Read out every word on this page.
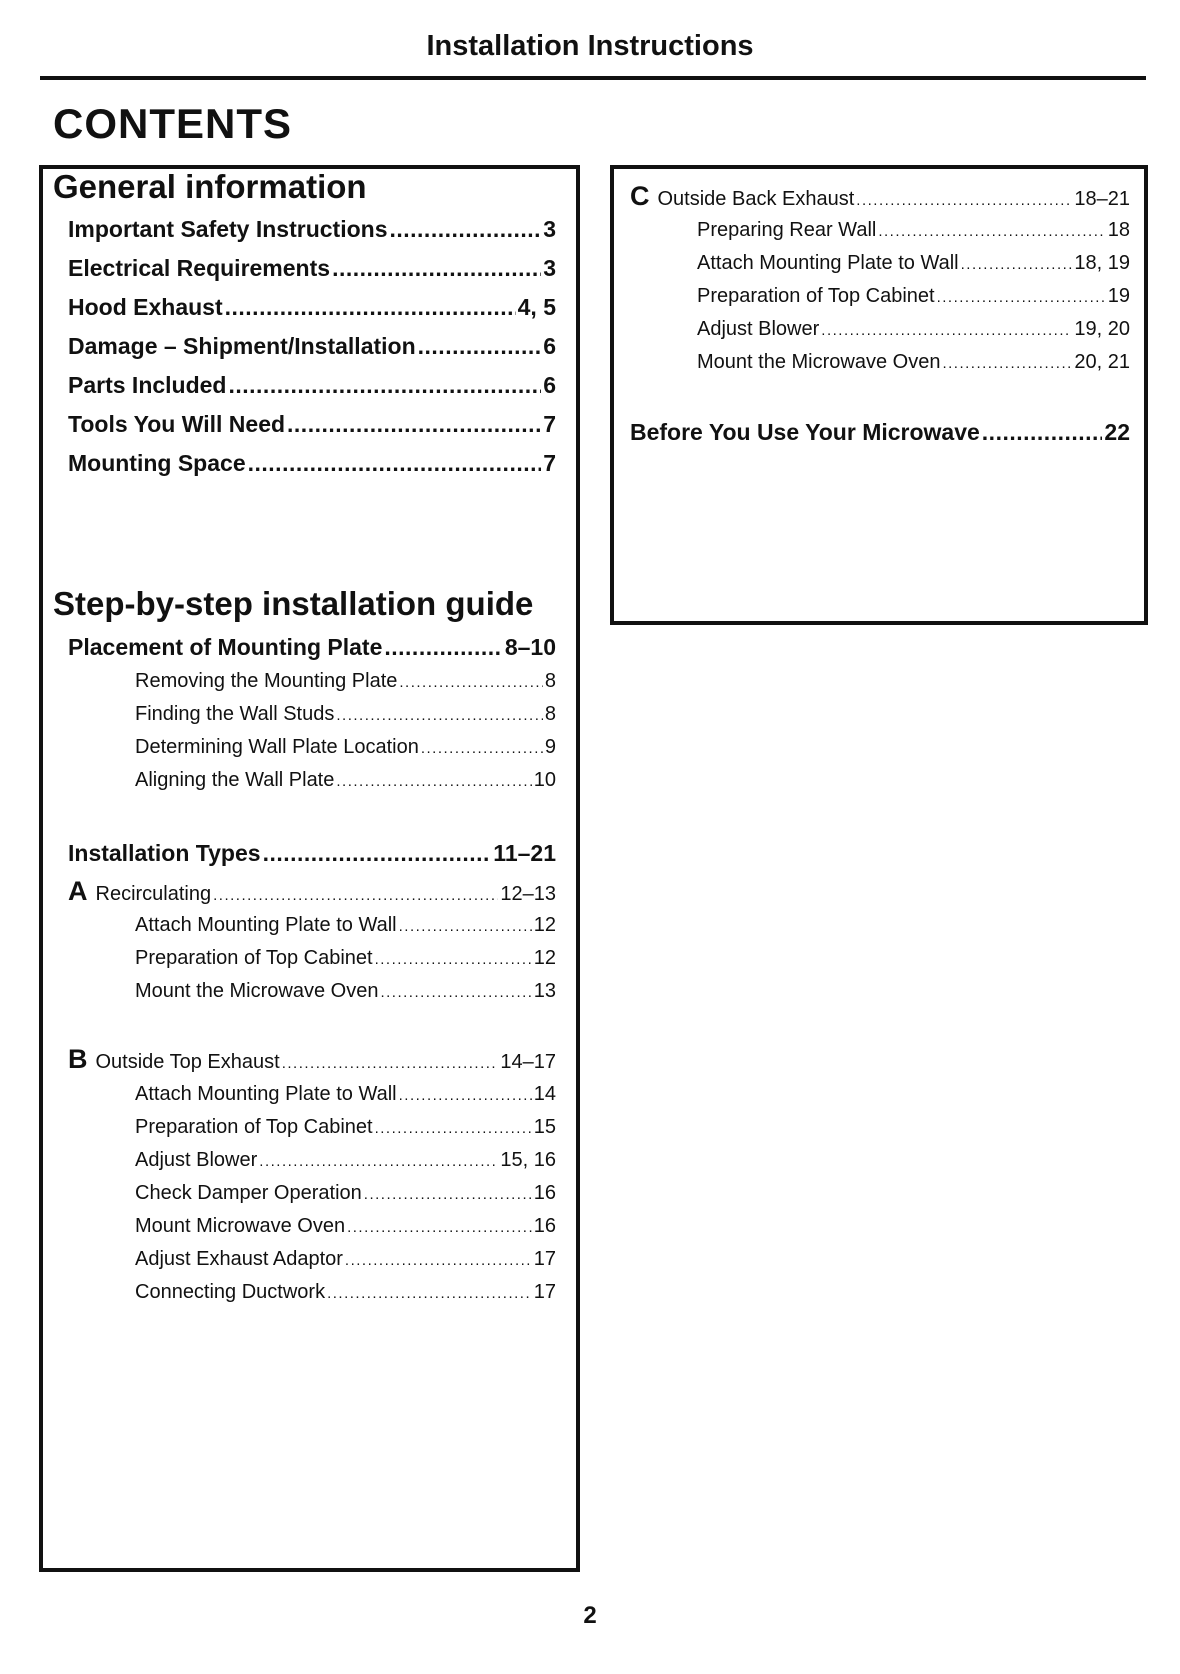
Installation Instructions
CONTENTS
General information
Important Safety Instructions .....	3
Electrical Requirements .....	3
Hood Exhaust .....	4, 5
Damage – Shipment/Installation .....	6
Parts Included .....	6
Tools You Will Need .....	7
Mounting Space .....	7
Step-by-step installation guide
Placement of Mounting Plate .....	8–10
Removing the Mounting Plate .....	8
Finding the Wall Studs .....	8
Determining Wall Plate Location .....	9
Aligning the Wall Plate .....	10
Installation Types .....	11–21
A Recirculating .....	12–13
Attach Mounting Plate to Wall .....	12
Preparation of Top Cabinet .....	12
Mount the Microwave Oven .....	13
B Outside Top Exhaust .....	14–17
Attach Mounting Plate to Wall .....	14
Preparation of Top Cabinet .....	15
Adjust Blower .....	15, 16
Check Damper Operation .....	16
Mount Microwave Oven .....	16
Adjust Exhaust Adaptor .....	17
Connecting Ductwork .....	17
C Outside Back Exhaust .....	18–21
Preparing Rear Wall .....	18
Attach Mounting Plate to Wall .....	18, 19
Preparation of Top Cabinet .....	19
Adjust Blower .....	19, 20
Mount the Microwave Oven .....	20, 21
Before You Use Your Microwave .....	22
2
